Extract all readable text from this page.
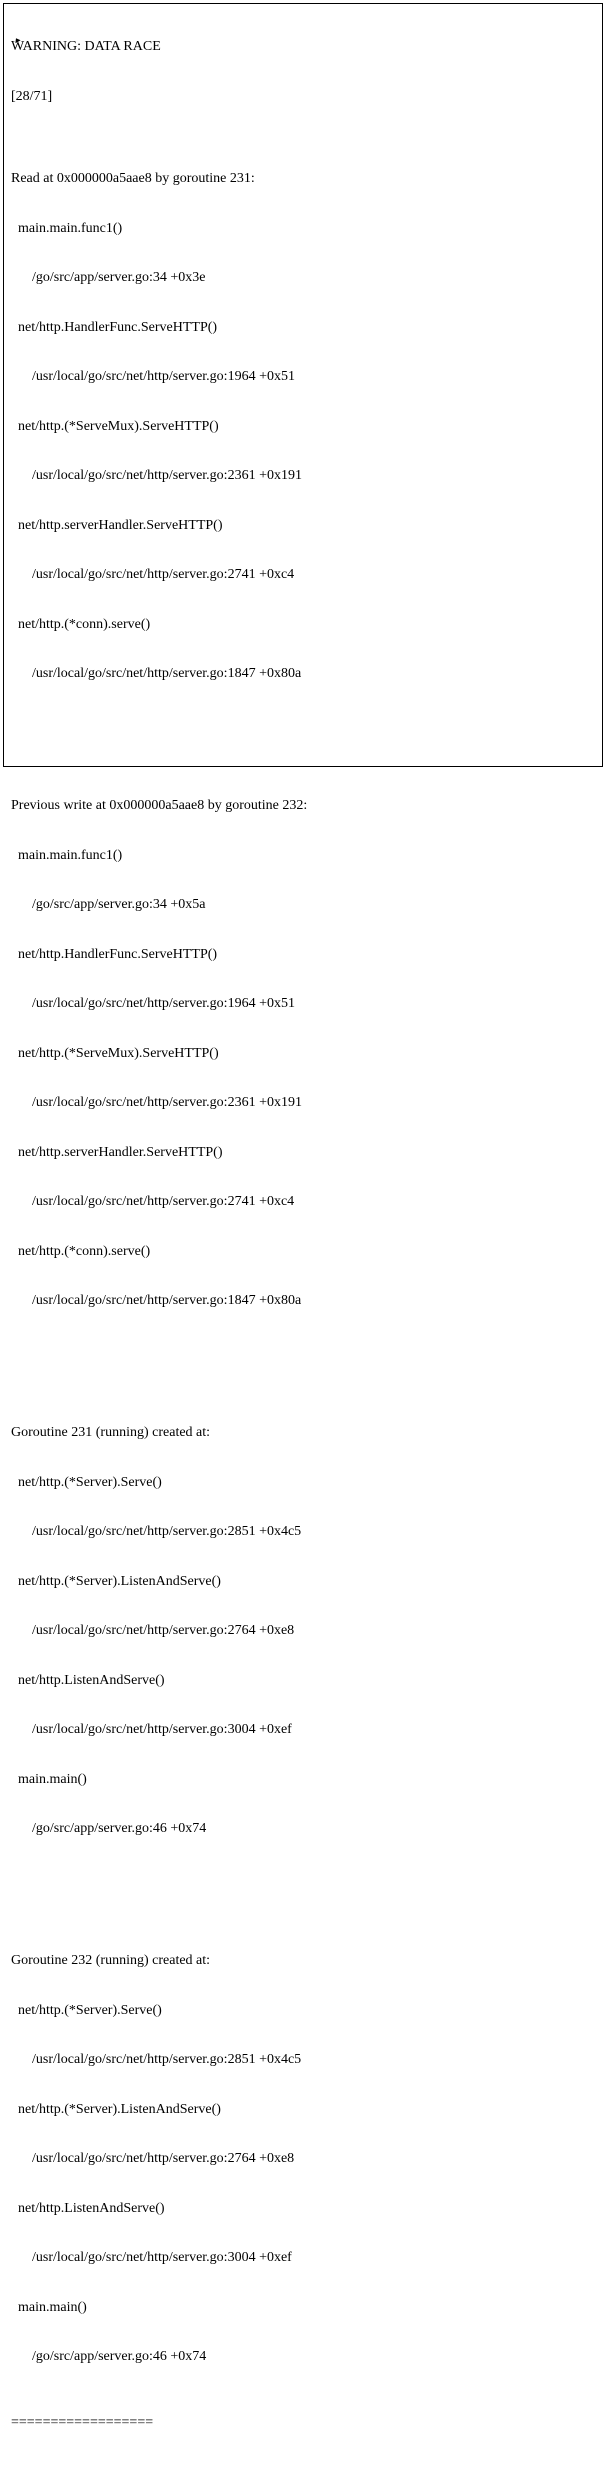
WARNING: DATA RACE

[28/71]

Read at 0x000000a5aae8 by goroutine 231:

main.main.func1()

/go/src/app/server.go:34 +0x3e

net/http.HandlerFunc.ServeHTTP()

/usr/local/go/src/net/http/server.go:1964 +0x51

net/http.(*ServeMux).ServeHTTP()

/usr/local/go/src/net/http/server.go:2361 +0x191

net/http.serverHandler.ServeHTTP()

/usr/local/go/src/net/http/server.go:2741 +0xc4

net/http.(*conn).serve()

/usr/local/go/src/net/http/server.go:1847 +0x80a

Previous write at 0x000000a5aae8 by goroutine 232:

main.main.func1()

/go/src/app/server.go:34 +0x5a

net/http.HandlerFunc.ServeHTTP()

/usr/local/go/src/net/http/server.go:1964 +0x51

net/http.(*ServeMux).ServeHTTP()

/usr/local/go/src/net/http/server.go:2361 +0x191

net/http.serverHandler.ServeHTTP()

/usr/local/go/src/net/http/server.go:2741 +0xc4

net/http.(*conn).serve()

/usr/local/go/src/net/http/server.go:1847 +0x80a

Goroutine 231 (running) created at:

net/http.(*Server).Serve()

/usr/local/go/src/net/http/server.go:2851 +0x4c5

net/http.(*Server).ListenAndServe()

/usr/local/go/src/net/http/server.go:2764 +0xe8

net/http.ListenAndServe()

/usr/local/go/src/net/http/server.go:3004 +0xef

main.main()

/go/src/app/server.go:46 +0x74

Goroutine 232 (running) created at:

net/http.(*Server).Serve()

/usr/local/go/src/net/http/server.go:2851 +0x4c5

net/http.(*Server).ListenAndServe()

/usr/local/go/src/net/http/server.go:2764 +0xe8

net/http.ListenAndServe()

/usr/local/go/src/net/http/server.go:3004 +0xef

main.main()

/go/src/app/server.go:46 +0x74

==================
